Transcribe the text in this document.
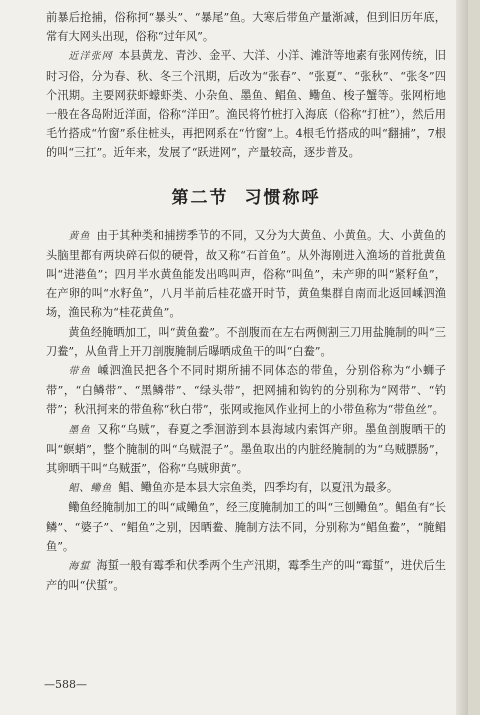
前暴后抢捕，俗称抲“暴头”、“暴尾”鱼。大寒后带鱼产量渐减，但到旧历年底，常有大网头出现，俗称“过年风”。

近洋张网 本县黄龙、青沙、金平、大洋、小洋、滩浒等地素有张网传统，旧时习俗，分为春、秋、冬三个汛期，后改为“张春”、“张夏”、“张秋”、“张冬”四个汛期。主要网获虾蠓虾类、小杂鱼、墨鱼、鲳鱼、鳓鱼、梭子蟹等。张网桁地一般在各岛附近洋面，俗称“洋田”。渔民将竹桩打入海底（俗称“打桩”），然后用毛竹搭成“竹窗”系住桩头，再把网系在“竹窗”上。4根毛竹搭成的叫“翻捕”，7根的叫“三扛”。近年来，发展了“跃进网”，产量较高，逐步普及。

第二节 习惯称呼

黄鱼 由于其种类和捕捞季节的不同，又分为大黄鱼、小黄鱼。大、小黄鱼的头脑里都有两块碎石似的硬骨，故又称“石首鱼”。从外海刚进入渔场的首批黄鱼叫“进港鱼”；四月半水黄鱼能发出鸣叫声，俗称“叫鱼”，未产卵的叫“紧籽鱼”，在产卵的叫“水籽鱼”，八月半前后桂花盛开时节，黄鱼集群自南而北返回嵊泗渔场，渔民称为“桂花黄鱼”。

黄鱼经腌晒加工，叫“黄鱼鲞”。不剖腹而在左右两侧割三刀用盐腌制的叫“三刀鲞”，从鱼背上开刀剖腹腌制后曝晒成鱼干的叫“白鲞”。

带鱼 嵊泗渔民把各个不同时期所捕不同体态的带鱼，分别俗称为“小蛳子带”，“白鳞带”、“黑鳞带”、“绿头带”，把网捕和钩钓的分别称为“网带”、“钓带”；秋汛抲来的带鱼称“秋白带”，张网或拖风作业抲上的小带鱼称为“带鱼丝”。

墨鱼 又称“乌贼”，春夏之季洄游到本县海域内索饵产卵。墨鱼剖腹晒干的叫“螟蛸”，整个腌制的叫“乌贼混子”。墨鱼取出的内脏经腌制的为“乌贼膘肠”，其卵晒干叫“乌贼蛋”，俗称“乌贼卵黄”。

鲳、鳓鱼 鲳、鳓鱼亦是本县大宗鱼类，四季均有，以夏汛为最多。

鳓鱼经腌制加工的叫“咸鳓鱼”，经三度腌制加工的叫“三刨鳓鱼”。鲳鱼有“长鳞”、“婆子”、“鲳鱼”之别，因晒鲞、腌制方法不同，分别称为“鲳鱼鲞”，“腌鲳鱼”。

海蜇 海蜇一般有霉季和伏季两个生产汛期，霉季生产的叫“霉蜇”，进伏后生产的叫“伏蜇”。

—588—
